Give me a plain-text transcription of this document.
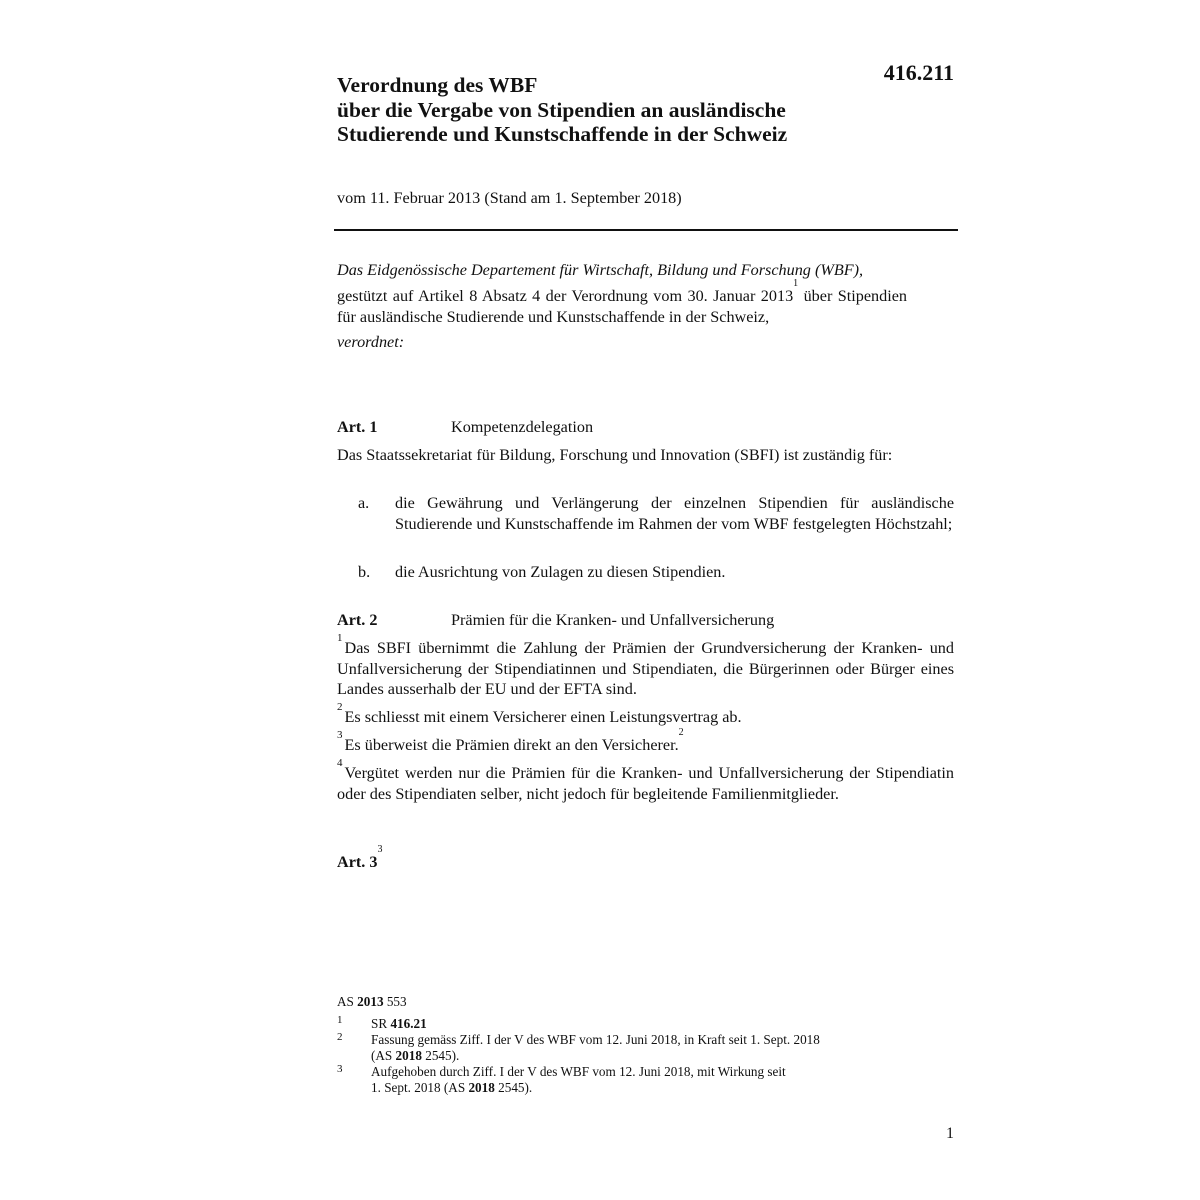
416.211
Verordnung des WBF
über die Vergabe von Stipendien an ausländische
Studierende und Kunstschaffende in der Schweiz
vom 11. Februar 2013 (Stand am 1. September 2018)
Das Eidgenössische Departement für Wirtschaft, Bildung und Forschung (WBF),
gestützt auf Artikel 8 Absatz 4 der Verordnung vom 30. Januar 2013$^1$ über Stipendien für ausländische Studierende und Kunstschaffende in der Schweiz,
verordnet:
Art. 1	Kompetenzdelegation
Das Staatssekretariat für Bildung, Forschung und Innovation (SBFI) ist zuständig für:
a. die Gewährung und Verlängerung der einzelnen Stipendien für ausländische Studierende und Kunstschaffende im Rahmen der vom WBF festgelegten Höchstzahl;
b. die Ausrichtung von Zulagen zu diesen Stipendien.
Art. 2	Prämien für die Kranken- und Unfallversicherung
$^1$Das SBFI übernimmt die Zahlung der Prämien der Grundversicherung der Kranken- und Unfallversicherung der Stipendiatinnen und Stipendiaten, die Bürgerinnen oder Bürger eines Landes ausserhalb der EU und der EFTA sind.
$^2$Es schliesst mit einem Versicherer einen Leistungsvertrag ab.
$^3$Es überweist die Prämien direkt an den Versicherer.$^2$
$^4$Vergütet werden nur die Prämien für die Kranken- und Unfallversicherung der Stipendiatin oder des Stipendiaten selber, nicht jedoch für begleitende Familienmitglieder.
Art. 3$^3$
AS 2013 553
1 SR 416.21
2 Fassung gemäss Ziff. I der V des WBF vom 12. Juni 2018, in Kraft seit 1. Sept. 2018
(AS 2018 2545).
3 Aufgehoben durch Ziff. I der V des WBF vom 12. Juni 2018, mit Wirkung seit
1. Sept. 2018 (AS 2018 2545).
1
